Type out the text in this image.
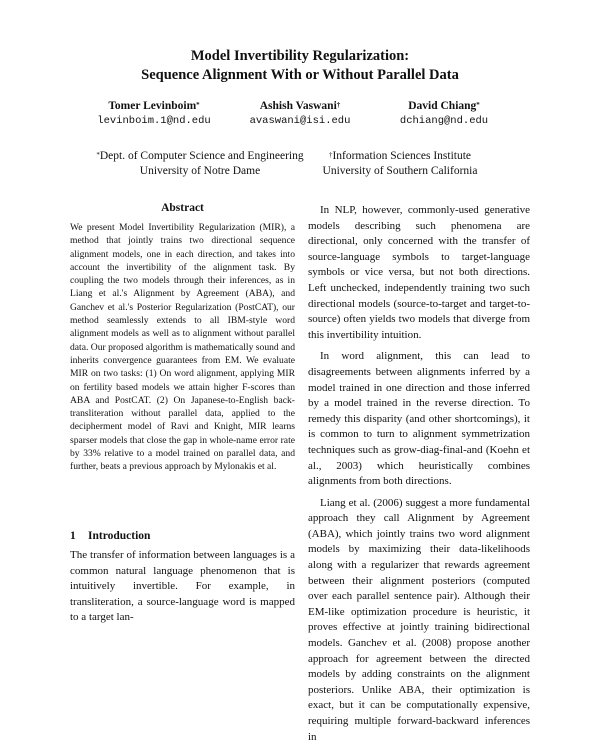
Model Invertibility Regularization:
Sequence Alignment With or Without Parallel Data
Tomer Levinboim*
levinboim.1@nd.edu
Ashish Vaswani†
avaswani@isi.edu
David Chiang*
dchiang@nd.edu
*Dept. of Computer Science and Engineering
University of Notre Dame
†Information Sciences Institute
University of Southern California
Abstract
We present Model Invertibility Regularization (MIR), a method that jointly trains two directional sequence alignment models, one in each direction, and takes into account the invertibility of the alignment task. By coupling the two models through their inferences, as in Liang et al.'s Alignment by Agreement (ABA), and Ganchev et al.'s Posterior Regularization (PostCAT), our method seamlessly extends to all IBM-style word alignment models as well as to alignment without parallel data. Our proposed algorithm is mathematically sound and inherits convergence guarantees from EM. We evaluate MIR on two tasks: (1) On word alignment, applying MIR on fertility based models we attain higher F-scores than ABA and PostCAT. (2) On Japanese-to-English back-transliteration without parallel data, applied to the decipherment model of Ravi and Knight, MIR learns sparser models that close the gap in whole-name error rate by 33% relative to a model trained on parallel data, and further, beats a previous approach by Mylonakis et al.
1 Introduction
The transfer of information between languages is a common natural language phenomenon that is intuitively invertible. For example, in transliteration, a source-language word is mapped to a target lan-

In NLP, however, commonly-used generative models describing such phenomena are directional, only concerned with the transfer of source-language symbols to target-language symbols or vice versa, but not both directions. Left unchecked, independently training two such directional models (source-to-target and target-to-source) often yields two models that diverge from this invertibility intuition.

In word alignment, this can lead to disagreements between alignments inferred by a model trained in one direction and those inferred by a model trained in the reverse direction. To remedy this disparity (and other shortcomings), it is common to turn to alignment symmetrization techniques such as grow-diag-final-and (Koehn et al., 2003) which heuristically combines alignments from both directions.

Liang et al. (2006) suggest a more fundamental approach they call Alignment by Agreement (ABA), which jointly trains two word alignment models by maximizing their data-likelihoods along with a regularizer that rewards agreement between their alignment posteriors (computed over each parallel sentence pair). Although their EM-like optimization procedure is heuristic, it proves effective at jointly training bidirectional models. Ganchev et al. (2008) propose another approach for agreement between the directed models by adding constraints on the alignment posteriors. Unlike ABA, their optimization is exact, but it can be computationally expensive, requiring multiple forward-backward inferences in
